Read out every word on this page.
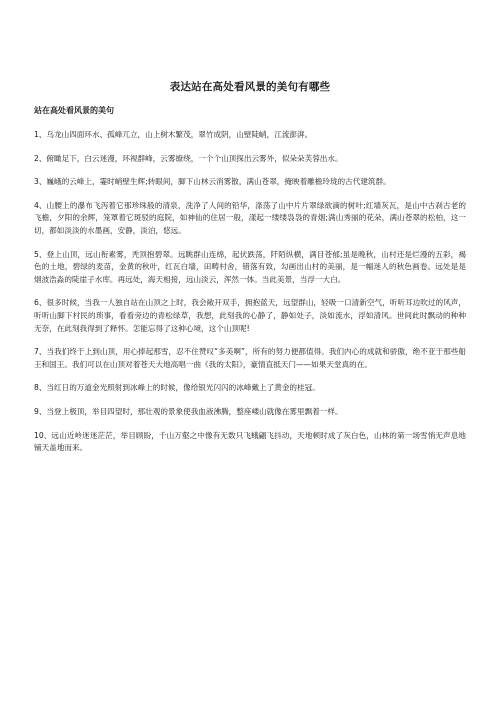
表达站在高处看风景的美句有哪些
站在高处看风景的美句

1、乌龙山四面环水、孤峰兀立，山上树木繁茂，翠竹成阴，山壁陡峭，江流澎湃。

2、俯瞰足下，白云迷漫，环视群峰，云雾缭绕，一个个山顶探出云雾外，似朵朵芙蓉出水。

3、巍峨的云峰上，霎时峭壁生辉;转眼间，脚下山林云消雾散，满山苍翠，掩映着雕檐玲珑的古代建筑群。

4、山腰上的瀑布飞泻着它那珍珠般的清泉，洗净了人间的铅华，涤荡了山中片片翠绿欲滴的树叶;红墙灰瓦，是山中古刹古老的飞檐，夕阳的余辉，笼罩着它斑驳的庭院，如神仙的住居一般，漾起一缕缕袅袅的青烟;满山秀丽的花朵，满山苍翠的松柏，这一切，都如淡淡的水墨画，安静，淡泊，悠远。

5、登上山顶，远山衔素雾，秃顶抱碧翠。远眺群山连绵，起伏跌荡，阡陌纵横，满目苍郁;虽是晚秋，山村还是烂漫的五彩，褐色的土地，碧绿的麦苗，金黄的秋叶，红瓦白墙，田畴村舍，错落有致，勾画出山村的美丽，是一幅迷人的秋色画卷。远处是是烟波浩淼的陡崖子水库。再远处，海天相接，远山淡云，浑然一体。当此美景，当浮一大白。

6、很多时候，当我一人独自站在山顶之上时，我会敞开双手，拥抱蓝天，远望群山，轻吸一口清新空气，听听耳边吹过的风声，听听山脚下村民的琐事，看看旁边的青松绿草，我想，此刻我的心静了，静如处子，淡如流水，浮如清风。世间此时飘动的种种无奈，在此刻我得到了释怀。怎能忘得了这种心境，这个山顶呢!

7、当我们终于上到山顶，用心捧起那雪，忍不住赞叹“多美啊”，所有的努力便都值得。我们内心的成就和骄傲，绝不亚于那些船王和国王。我们可以在山顶对着苍天大地高唱一曲《我的太阳》，豪情直抵天门——如果天堂真的在。

8、当红日的万道金光照射到冰峰上的时候，像给银光闪闪的冰峰戴上了黄金的桂冠。

9、当登上极顶，举目四望时，那壮观的景象使我血液沸腾，整座嵝山就像在雾里飘着一样。

10、远山近岭迷迷茫茫，举目顾盼，千山万壑之中像有无数只飞蛾翩飞抖动，天地顿时成了灰白色，山林的第一场雪悄无声息地铺天盖地而来。
